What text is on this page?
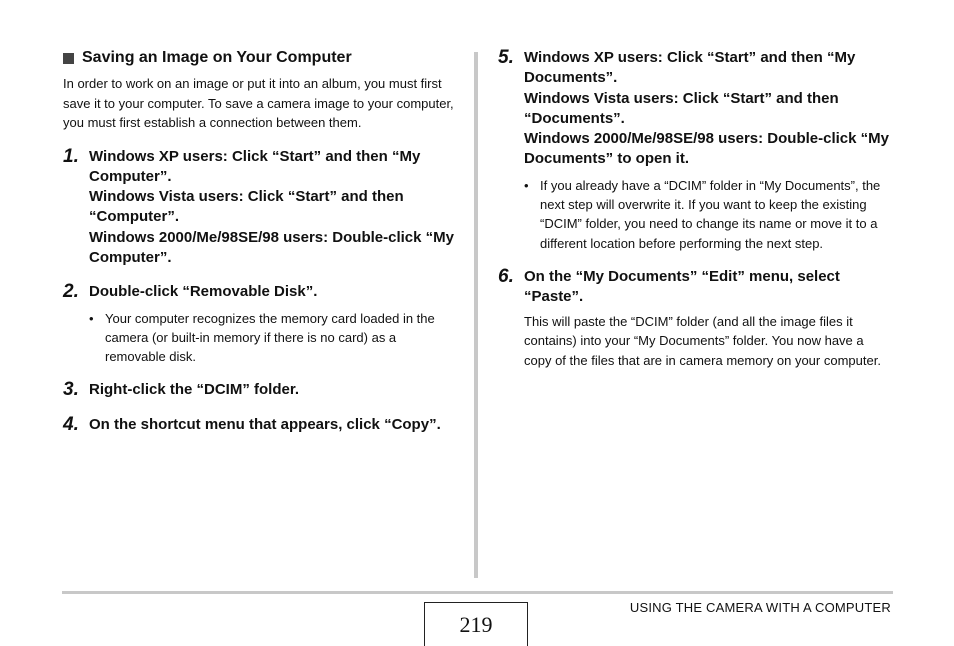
Saving an Image on Your Computer

In order to work on an image or put it into an album, you must first save it to your computer. To save a camera image to your computer, you must first establish a connection between them.

1. Windows XP users: Click “Start” and then “My Computer”.
Windows Vista users: Click “Start” and then “Computer”.
Windows 2000/Me/98SE/98 users: Double-click “My Computer”.
2. Double-click “Removable Disk”.
• Your computer recognizes the memory card loaded in the camera (or built-in memory if there is no card) as a removable disk.
3. Right-click the “DCIM” folder.
4. On the shortcut menu that appears, click “Copy”.
5. Windows XP users: Click “Start” and then “My Documents”.
Windows Vista users: Click “Start” and then “Documents”.
Windows 2000/Me/98SE/98 users: Double-click “My Documents” to open it.
• If you already have a “DCIM” folder in “My Documents”, the next step will overwrite it. If you want to keep the existing “DCIM” folder, you need to change its name or move it to a different location before performing the next step.
6. On the “My Documents” “Edit” menu, select “Paste”.
This will paste the “DCIM” folder (and all the image files it contains) into your “My Documents” folder. You now have a copy of the files that are in camera memory on your computer.
219
USING THE CAMERA WITH A COMPUTER
